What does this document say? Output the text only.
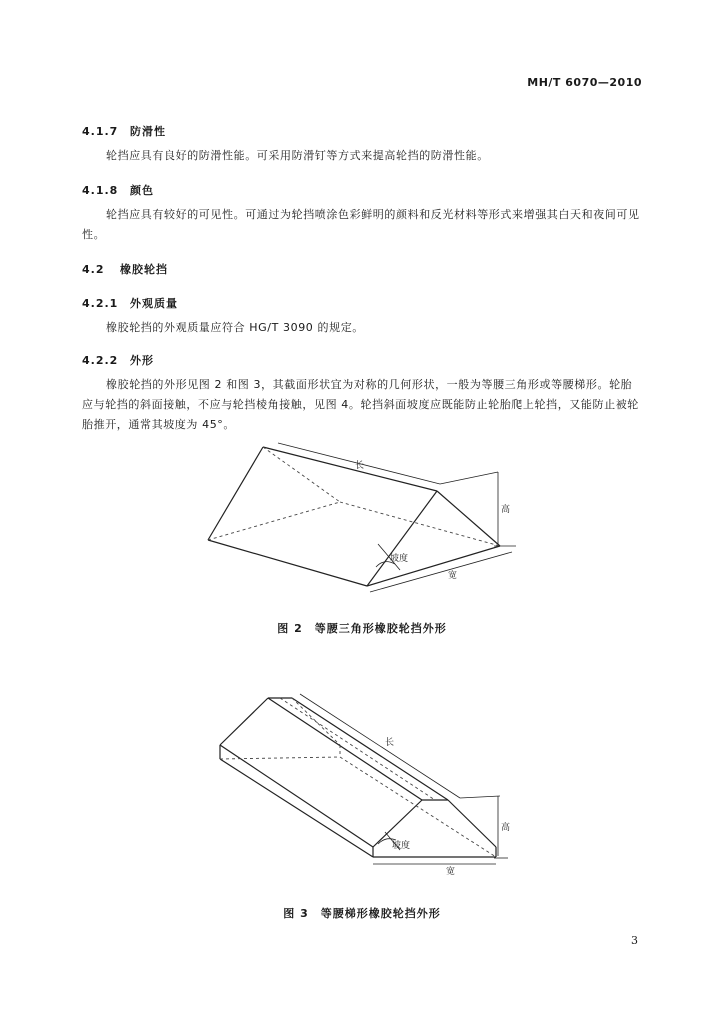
MH/T 6070—2010
4.1.7 防滑性
轮挡应具有良好的防滑性能。可采用防滑钉等方式来提高轮挡的防滑性能。
4.1.8 颜色
轮挡应具有较好的可见性。可通过为轮挡喷涂色彩鲜明的颜料和反光材料等形式来增强其白天和夜间可见性。
4.2 橡胶轮挡
4.2.1 外观质量
橡胶轮挡的外观质量应符合 HG/T 3090 的规定。
4.2.2 外形
橡胶轮挡的外形见图 2 和图 3，其截面形状宜为对称的几何形状，一般为等腰三角形或等腰梯形。轮胎应与轮挡的斜面接触，不应与轮挡棱角接触，见图 4。轮挡斜面坡度应既能防止轮胎爬上轮挡，又能防止被轮胎推开，通常其坡度为 45°。
长
高
坡度
宽
图 2 等腰三角形橡胶轮挡外形
长
高
坡度
宽
图 3 等腰梯形橡胶轮挡外形
3
